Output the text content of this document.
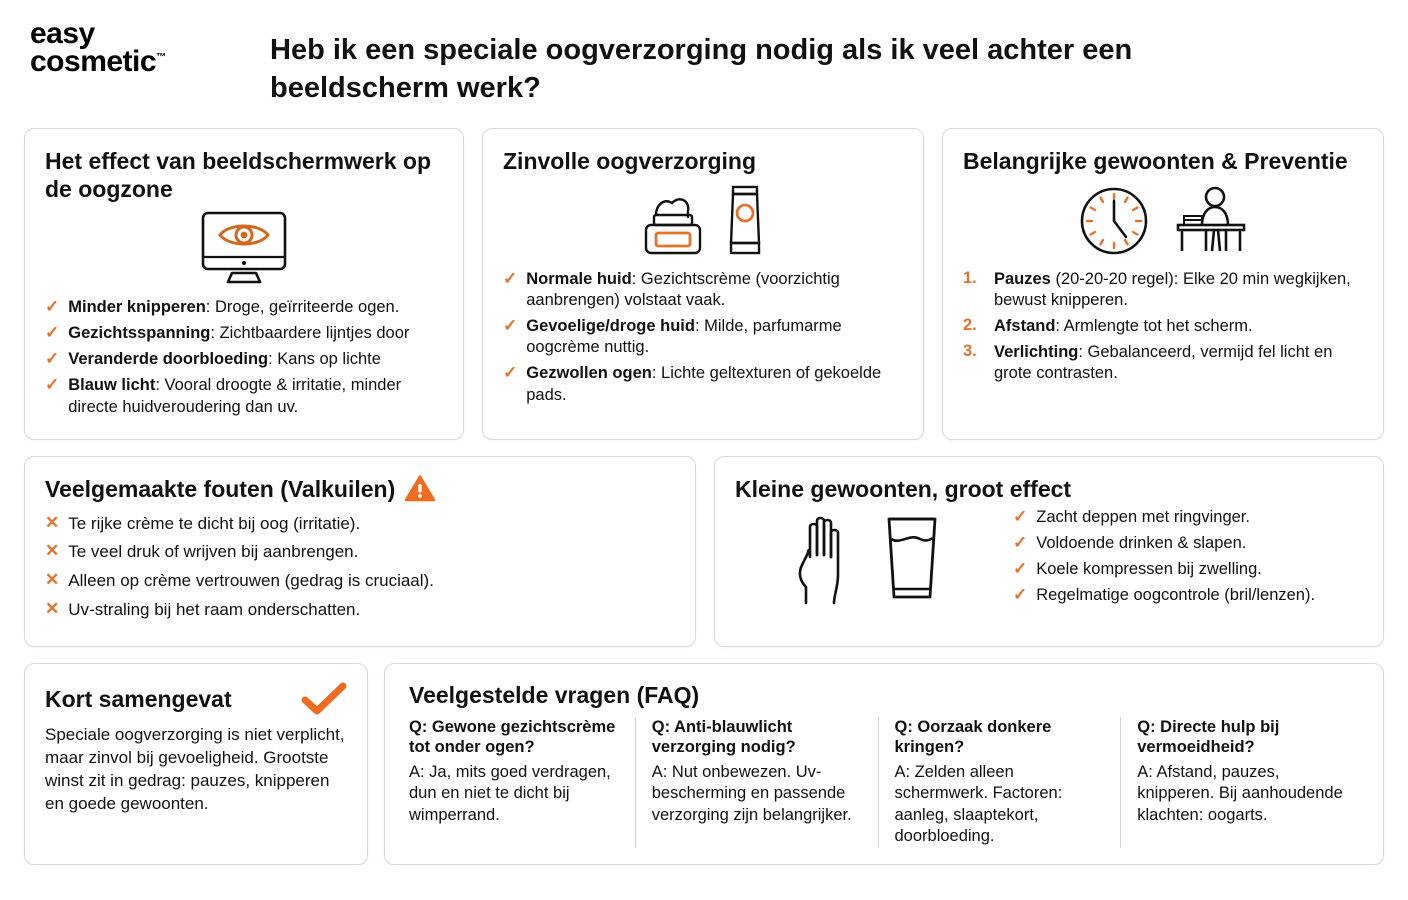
easy
cosmetic™	Heb ik een speciale oogverzorging nodig als ik veel achter een beeldscherm werk?
Het effect van beeldschermwerk op de oogzone
✓ Minder knipperen: Droge, geïrriteerde ogen.
✓ Gezichtsspanning: Zichtbaardere lijntjes door
✓ Veranderde doorbloeding: Kans op lichte
✓ Blauw licht: Vooral droogte & irritatie, minder directe huidveroudering dan uv.
Zinvolle oogverzorging
✓ Normale huid: Gezichtscrème (voorzichtig aanbrengen) volstaat vaak.
✓ Gevoelige/droge huid: Milde, parfumarme oogcrème nuttig.
✓ Gezwollen ogen: Lichte geltexturen of gekoelde pads.
Belangrijke gewoonten & Preventie
1.	Pauzes (20-20-20 regel): Elke 20 min wegkijken, bewust knipperen.
2.	Afstand: Armlengte tot het scherm.
3.	Verlichting: Gebalanceerd, vermijd fel licht en grote contrasten.
Veelgemaakte fouten (Valkuilen)
✕ Te rijke crème te dicht bij oog (irritatie).
✕ Te veel druk of wrijven bij aanbrengen.
✕ Alleen op crème vertrouwen (gedrag is cruciaal).
✕ Uv-straling bij het raam onderschatten.
Kleine gewoonten, groot effect
✓ Zacht deppen met ringvinger.
✓ Voldoende drinken & slapen.
✓ Koele kompressen bij zwelling.
✓ Regelmatige oogcontrole (bril/lenzen).
Kort samengevat
Speciale oogverzorging is niet verplicht, maar zinvol bij gevoeligheid. Grootste winst zit in gedrag: pauzes, knipperen en goede gewoonten.
Veelgestelde vragen (FAQ)
Q: Gewone gezichtscrème tot onder ogen?
A: Ja, mits goed verdragen, dun en niet te dicht bij wimperrand.
Q: Anti-blauwlicht verzorging nodig?
A: Nut onbewezen. Uv-bescherming en passende verzorging zijn belangrijker.
Q: Oorzaak donkere kringen?
A: Zelden alleen schermwerk. Factoren: aanleg, slaaptekort, doorbloeding.
Q: Directe hulp bij vermoeidheid?
A: Afstand, pauzes, knipperen. Bij aanhoudende klachten: oogarts.
